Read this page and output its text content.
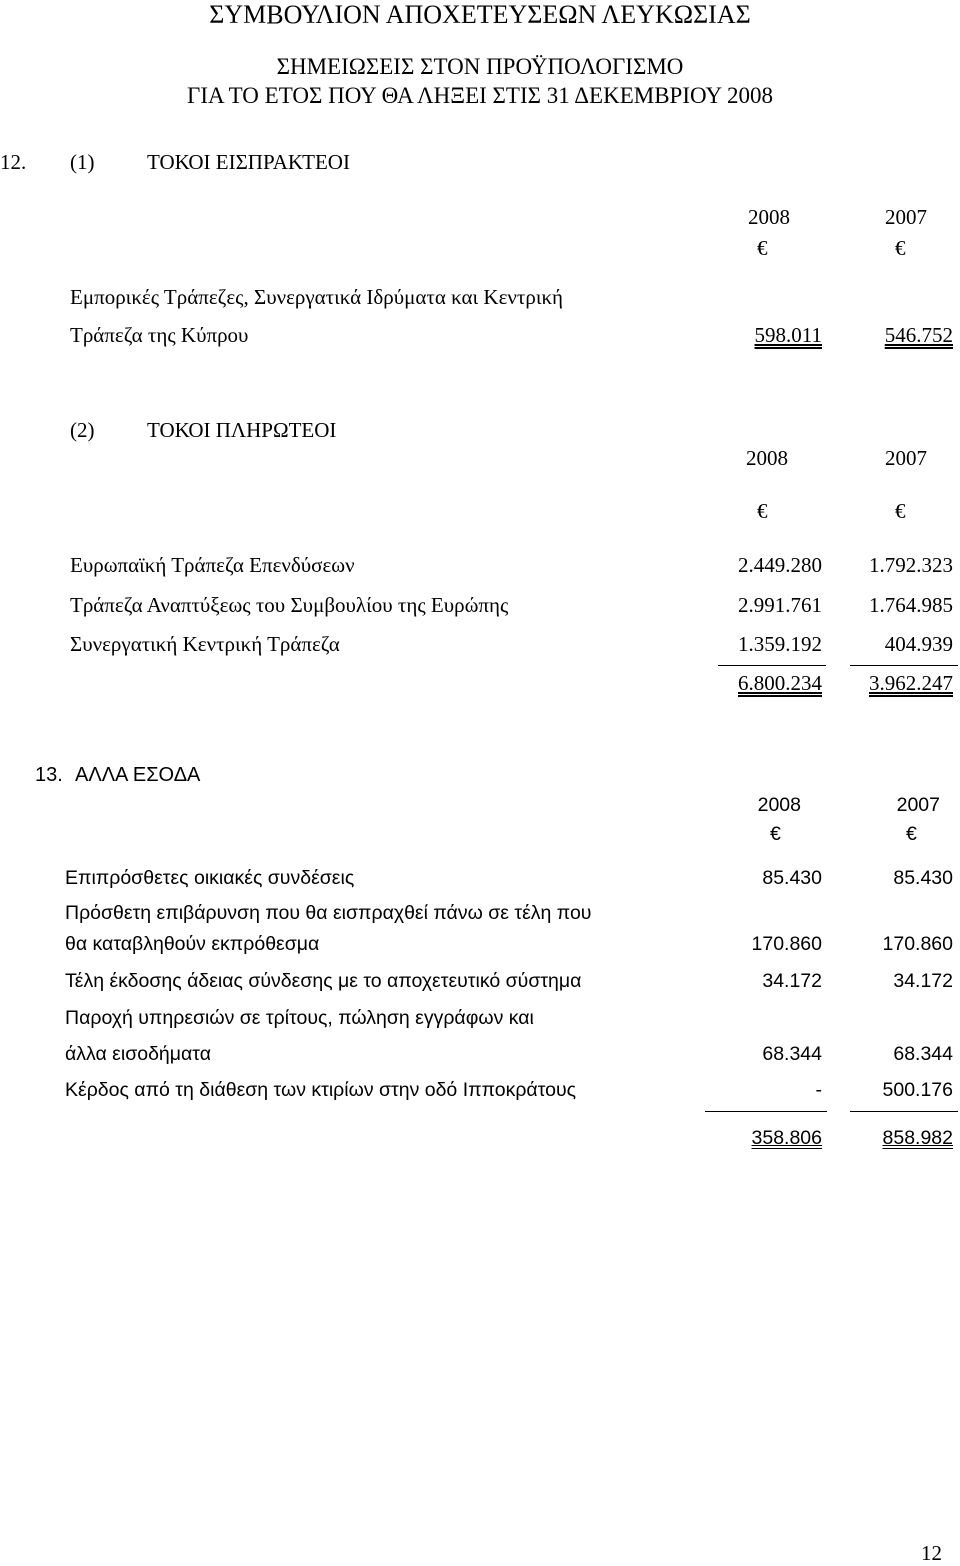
ΣΥΜΒΟΥΛΙΟΝ ΑΠΟΧΕΤΕΥΣΕΩΝ ΛΕΥΚΩΣΙΑΣ
ΣΗΜΕΙΩΣΕΙΣ ΣΤΟΝ ΠΡΟΫΠΟΛΟΓΙΣΜΟ
ΓΙΑ ΤΟ ΕΤΟΣ ΠΟΥ ΘΑ ΛΗΞΕΙ ΣΤΙΣ 31 ΔΕΚΕΜΒΡΙΟΥ 2008
12. (1)	ΤΟΚΟΙ ΕΙΣΠΡΑΚΤΕΟΙ
2008	2007
€	€
Εμπορικές Τράπεζες, Συνεργατικά Ιδρύματα και Κεντρική
Τράπεζα της Κύπρου	598.011	546.752
(2)	ΤΟΚΟΙ ΠΛΗΡΩΤΕΟΙ
2008	2007
€	€
Ευρωπαϊκή Τράπεζα Επενδύσεων	2.449.280	1.792.323
Τράπεζα Αναπτύξεως του Συμβουλίου της Ευρώπης	2.991.761	1.764.985
Συνεργατική Κεντρική Τράπεζα	1.359.192	404.939
6.800.234	3.962.247
13. ΑΛΛΑ ΕΣΟΔΑ
2008	2007
€	€
Επιπρόσθετες οικιακές συνδέσεις	85.430	85.430
Πρόσθετη επιβάρυνση που θα εισπραχθεί πάνω σε τέλη που
θα καταβληθούν εκπρόθεσμα	170.860	170.860
Τέλη έκδοσης άδειας σύνδεσης με το αποχετευτικό σύστημα	34.172	34.172
Παροχή υπηρεσιών σε τρίτους, πώληση εγγράφων και
άλλα εισοδήματα	68.344	68.344
Κέρδος από τη διάθεση των κτιρίων στην οδό Ιπποκράτους	-	500.176
358.806	858.982
12
